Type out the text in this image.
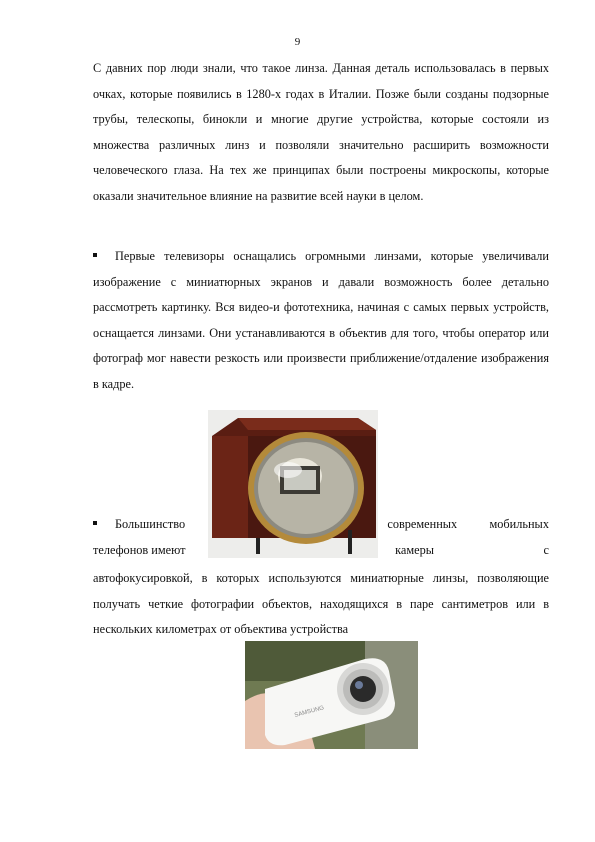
9

С давних пор люди знали, что такое линза. Данная деталь использовалась в первых очках, которые появились в 1280-х годах в Италии. Позже были созданы подзорные трубы, телескопы, бинокли и многие другие устройства, которые состояли из множества различных линз и позволяли значительно расширить возможности человеческого глаза. На тех же принципах были построены микроскопы, которые оказали значительное влияние на развитие всей науки в целом.

Первые телевизоры оснащались огромными линзами, которые увеличивали изображение с миниатюрных экранов и давали возможность более детально рассмотреть картинку. Вся видео-и фототехника, начиная с самых первых устройств, оснащается линзами. Они устанавливаются в объектив для того, чтобы оператор или фотограф мог навести резкость или произвести приближение/отдаление изображения в кадре.

Большинство	современных	мобильных
телефонов имеют	камеры	с

автофокусировкой, в которых используются миниатюрные линзы, позволяющие получать четкие фотографии объектов, находящихся в паре сантиметров или в нескольких километрах от объектива устройства

SAMSUNG
